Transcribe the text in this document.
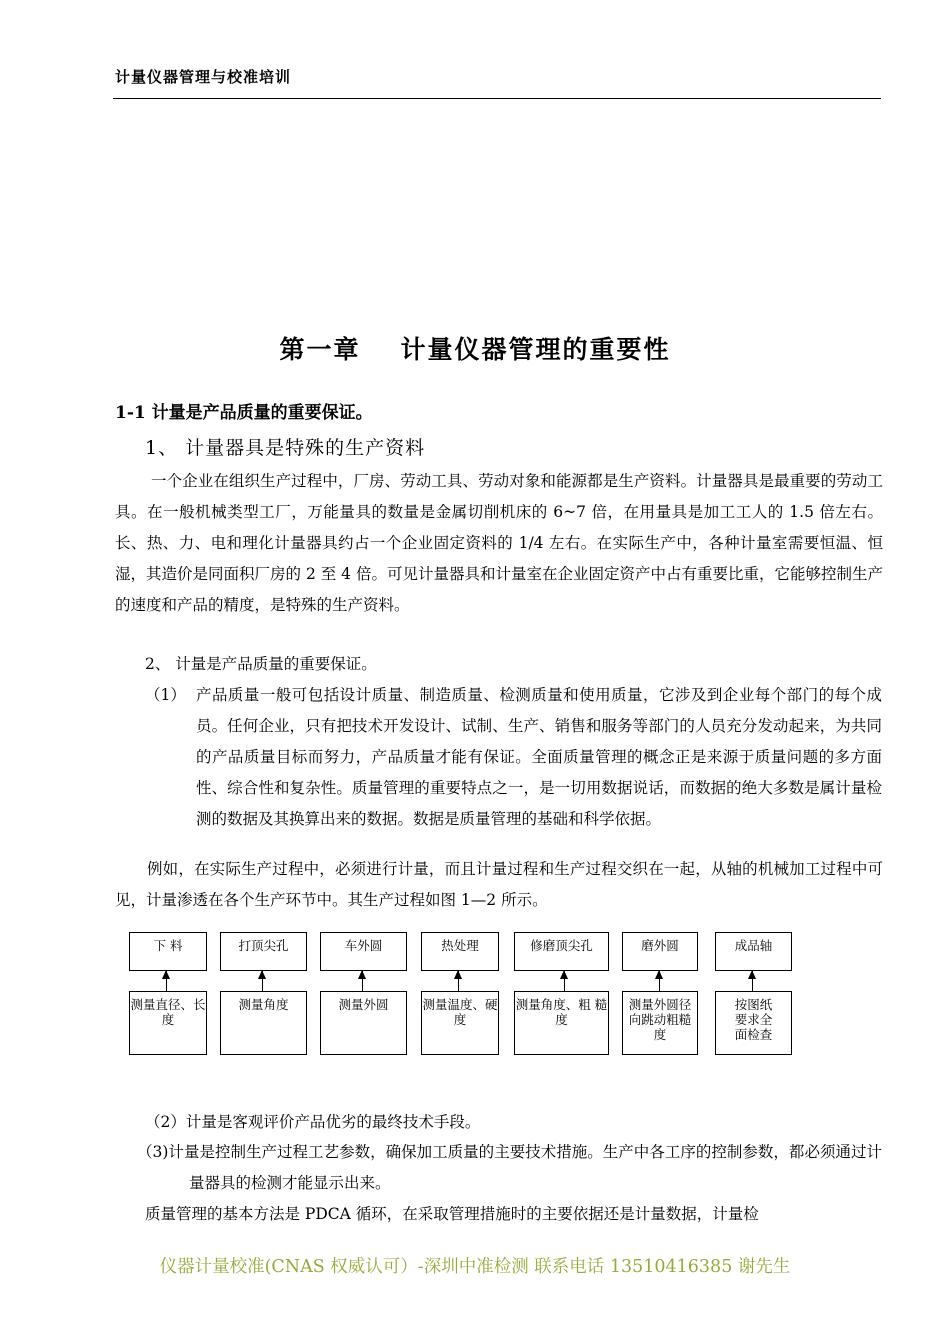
计量仪器管理与校准培训
第一章 计量仪器管理的重要性
1-1 计量是产品质量的重要保证。
1、 计量器具是特殊的生产资料
一个企业在组织生产过程中，厂房、劳动工具、劳动对象和能源都是生产资料。计量器具是最重要的劳动工具。在一般机械类型工厂，万能量具的数量是金属切削机床的 6~7 倍，在用量具是加工工人的 1.5 倍左右。长、热、力、电和理化计量器具约占一个企业固定资料的 1/4 左右。在实际生产中，各种计量室需要恒温、恒湿，其造价是同面积厂房的 2 至 4 倍。可见计量器具和计量室在企业固定资产中占有重要比重，它能够控制生产的速度和产品的精度，是特殊的生产资料。
2、 计量是产品质量的重要保证。
（1） 产品质量一般可包括设计质量、制造质量、检测质量和使用质量，它涉及到企业每个部门的每个成员。任何企业，只有把技术开发设计、试制、生产、销售和服务等部门的人员充分发动起来，为共同的产品质量目标而努力，产品质量才能有保证。全面质量管理的概念正是来源于质量问题的多方面性、综合性和复杂性。质量管理的重要特点之一，是一切用数据说话，而数据的绝大多数是属计量检测的数据及其换算出来的数据。数据是质量管理的基础和科学依据。
例如，在实际生产过程中，必须进行计量，而且计量过程和生产过程交织在一起，从轴的机械加工过程中可见，计量渗透在各个生产环节中。其生产过程如图 1—2 所示。
下 料
测量直径、长度
打顶尖孔
测量角度
车外圆
测量外圆
热处理
测量温度、硬 度
修磨顶尖孔
测量角度、粗 糙度
磨外圆
测量外圆径向跳动粗糙度
成品轴
按图纸要求全面检查
（2）计量是客观评价产品优劣的最终技术手段。
（3)计量是控制生产过程工艺参数，确保加工质量的主要技术措施。生产中各工序的控制参数，都必须通过计量器具的检测才能显示出来。
质量管理的基本方法是 PDCA 循环，在采取管理措施时的主要依据还是计量数据，计量检
仪器计量校准(CNAS 权威认可）-深圳中准检测 联系电话 13510416385 谢先生
